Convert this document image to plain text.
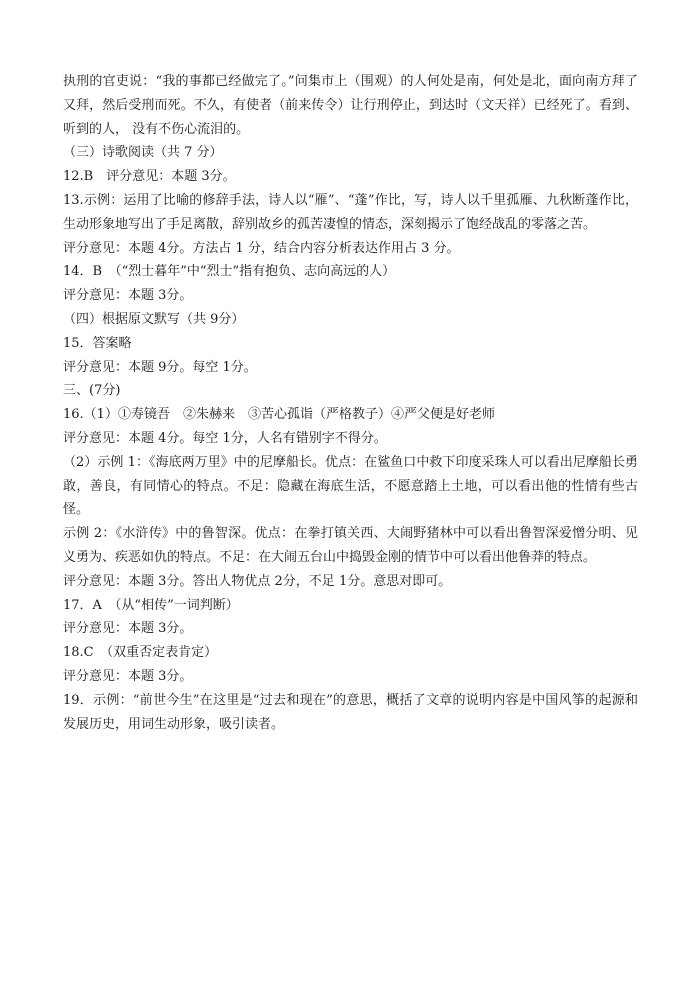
执刑的官吏说：“我的事都已经做完了。”问集市上（围观）的人何处是南，何处是北，面向南方拜了又拜，然后受刑而死。不久，有使者（前来传令）让行刑停止，到达时（文天祥）已经死了。看到、听到的人， 没有不伤心流泪的。

（三）诗歌阅读（共 7 分）

12.B　评分意见：本题 3分。

13.示例：运用了比喻的修辞手法，诗人以“雁”、“蓬”作比，写，诗人以千里孤雁、九秋断蓬作比，生动形象地写出了手足离散，辞别故乡的孤苦凄惶的情态，深刻揭示了饱经战乱的零落之苦。

评分意见：本题 4分。方法占 1 分，结合内容分析表达作用占 3 分。

14．B　（“烈士暮年”中“烈士”指有抱负、志向高远的人）

评分意见：本题 3分。

（四）根据原文默写（共 9分）

15．答案略

评分意见：本题 9分。每空 1分。

三、(7分)

16.（1）①寿镜吾　②朱赫来　③苦心孤诣（严格教子）④严父便是好老师

评分意见：本题 4分。每空 1分，人名有错别字不得分。

（2）示例 1：《海底两万里》中的尼摩船长。优点：在鲨鱼口中救下印度采珠人可以看出尼摩船长勇敢，善良，有同情心的特点。不足：隐藏在海底生活，不愿意踏上土地，可以看出他的性情有些古怪。

示例 2：《水浒传》中的鲁智深。优点：在拳打镇关西、大闹野猪林中可以看出鲁智深爱憎分明、见义勇为、疾恶如仇的特点。不足：在大闹五台山中捣毁金刚的情节中可以看出他鲁莽的特点。

评分意见：本题 3分。答出人物优点 2分，不足 1分。意思对即可。

17．A　（从“相传”一词判断）

评分意见：本题 3分。

18.C　（双重否定表肯定）

评分意见：本题 3分。

19．示例：“前世今生”在这里是“过去和现在”的意思，概括了文章的说明内容是中国风筝的起源和发展历史，用词生动形象，吸引读者。
